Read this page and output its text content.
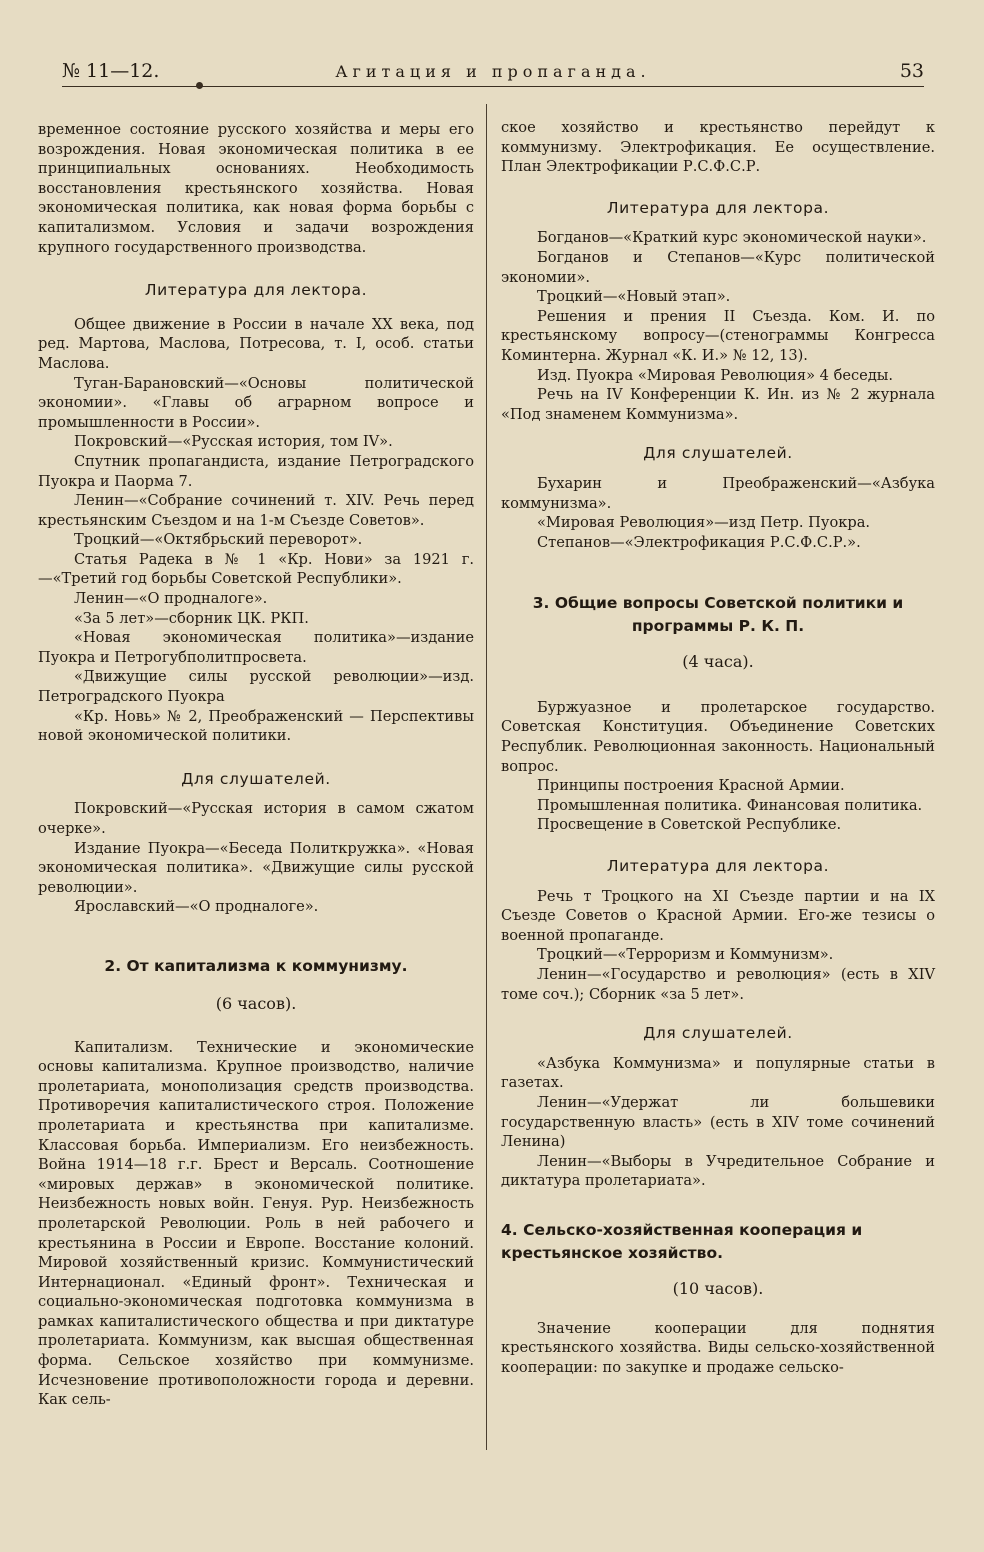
№ 11—12.	Агитация и пропаганда.	53

временное состояние русского хозяйства и меры его возрождения. Новая экономическая политика в ее принципиальных основаниях. Необходимость восстановления крестьянского хозяйства. Новая экономическая политика, как новая форма борьбы с капитализмом. Условия и задачи возрождения крупного государственного производства.

Литература для лектора.

Общее движение в России в начале XX века, под ред. Мартова, Маслова, Потресова, т. I, особ. статьи Маслова.

Туган-Барановский—«Основы политической экономии». «Главы об аграрном вопросе и промышленности в России».

Покровский—«Русская история, том IV».

Спутник пропагандиста, издание Петроградского Пуокра и Паорма 7.

Ленин—«Собрание сочинений т. XIV. Речь перед крестьянским Съездом и на 1-м Съезде Советов».

Троцкий—«Октябрьский переворот».

Статья Радека в № 1 «Кр. Нови» за 1921 г.—«Третий год борьбы Советской Республики».

Ленин—«О продналоге».

«За 5 лет»—сборник ЦК. РКП.

«Новая экономическая политика»—издание Пуокра и Петрогубполитпросвета.

«Движущие силы русской революции»—изд. Петроградского Пуокра

«Кр. Новь» № 2, Преображенский — Перспективы новой экономической политики.

Для слушателей.

Покровский—«Русская история в самом сжатом очерке».

Издание Пуокра—«Беседа Политкружка». «Новая экономическая политика». «Движущие силы русской революции».

Ярославский—«О продналоге».

2. От капитализма к коммунизму.

(6 часов).

Капитализм. Технические и экономические основы капитализма. Крупное производство, наличие пролетариата, монополизация средств производства. Противоречия капиталистического строя. Положение пролетариата и крестьянства при капитализме. Классовая борьба. Империализм. Его неизбежность. Война 1914—18 г.г. Брест и Версаль. Соотношение «мировых держав» в экономической политике. Неизбежность новых войн. Генуя. Рур. Неизбежность пролетарской Революции. Роль в ней рабочего и крестьянина в России и Европе. Восстание колоний. Мировой хозяйственный кризис. Коммунистический Интернационал. «Единый фронт». Техническая и социально-экономическая подготовка коммунизма в рамках капиталистического общества и при диктатуре пролетариата. Коммунизм, как высшая общественная форма. Сельское хозяйство при коммунизме. Исчезновение противоположности города и деревни. Как сель-

ское хозяйство и крестьянство перейдут к коммунизму. Электрофикация. Ее осуществление. План Электрофикации Р.С.Ф.С.Р.

Литература для лектора.

Богданов—«Краткий курс экономической науки».

Богданов и Степанов—«Курс политической экономии».

Троцкий—«Новый этап».

Решения и прения II Съезда. Ком. И. по крестьянскому вопросу—(стенограммы Конгресса Коминтерна. Журнал «К. И.» № 12, 13).

Изд. Пуокра «Мировая Революция» 4 беседы.

Речь на IV Конференции К. Ин. из № 2 журнала «Под знаменем Коммунизма».

Для слушателей.

Бухарин и Преображенский—«Азбука коммунизма».

«Мировая Революция»—изд Петр. Пуокра.

Степанов—«Электрофикация Р.С.Ф.С.Р.».

3. Общие вопросы Советской политики и программы Р. К. П.

(4 часа).

Буржуазное и пролетарское государство. Советская Конституция. Объединение Советских Республик. Революционная законность. Национальный вопрос.

Принципы построения Красной Армии.

Промышленная политика. Финансовая политика.

Просвещение в Советской Республике.

Литература для лектора.

Речь т Троцкого на XI Съезде партии и на IX Съезде Советов о Красной Армии. Его-же тезисы о военной пропаганде.

Троцкий—«Терроризм и Коммунизм».

Ленин—«Государство и революция» (есть в XIV томе соч.); Сборник «за 5 лет».

Для слушателей.

«Азбука Коммунизма» и популярные статьи в газетах.

Ленин—«Удержат ли большевики государственную власть» (есть в XIV томе сочинений Ленина)

Ленин—«Выборы в Учредительное Собрание и диктатура пролетариата».

4. Сельско-хозяйственная кооперация и крестьянское хозяйство.

(10 часов).

Значение кооперации для поднятия крестьянского хозяйства. Виды сельско-хозяйственной кооперации: по закупке и продаже сельско-
